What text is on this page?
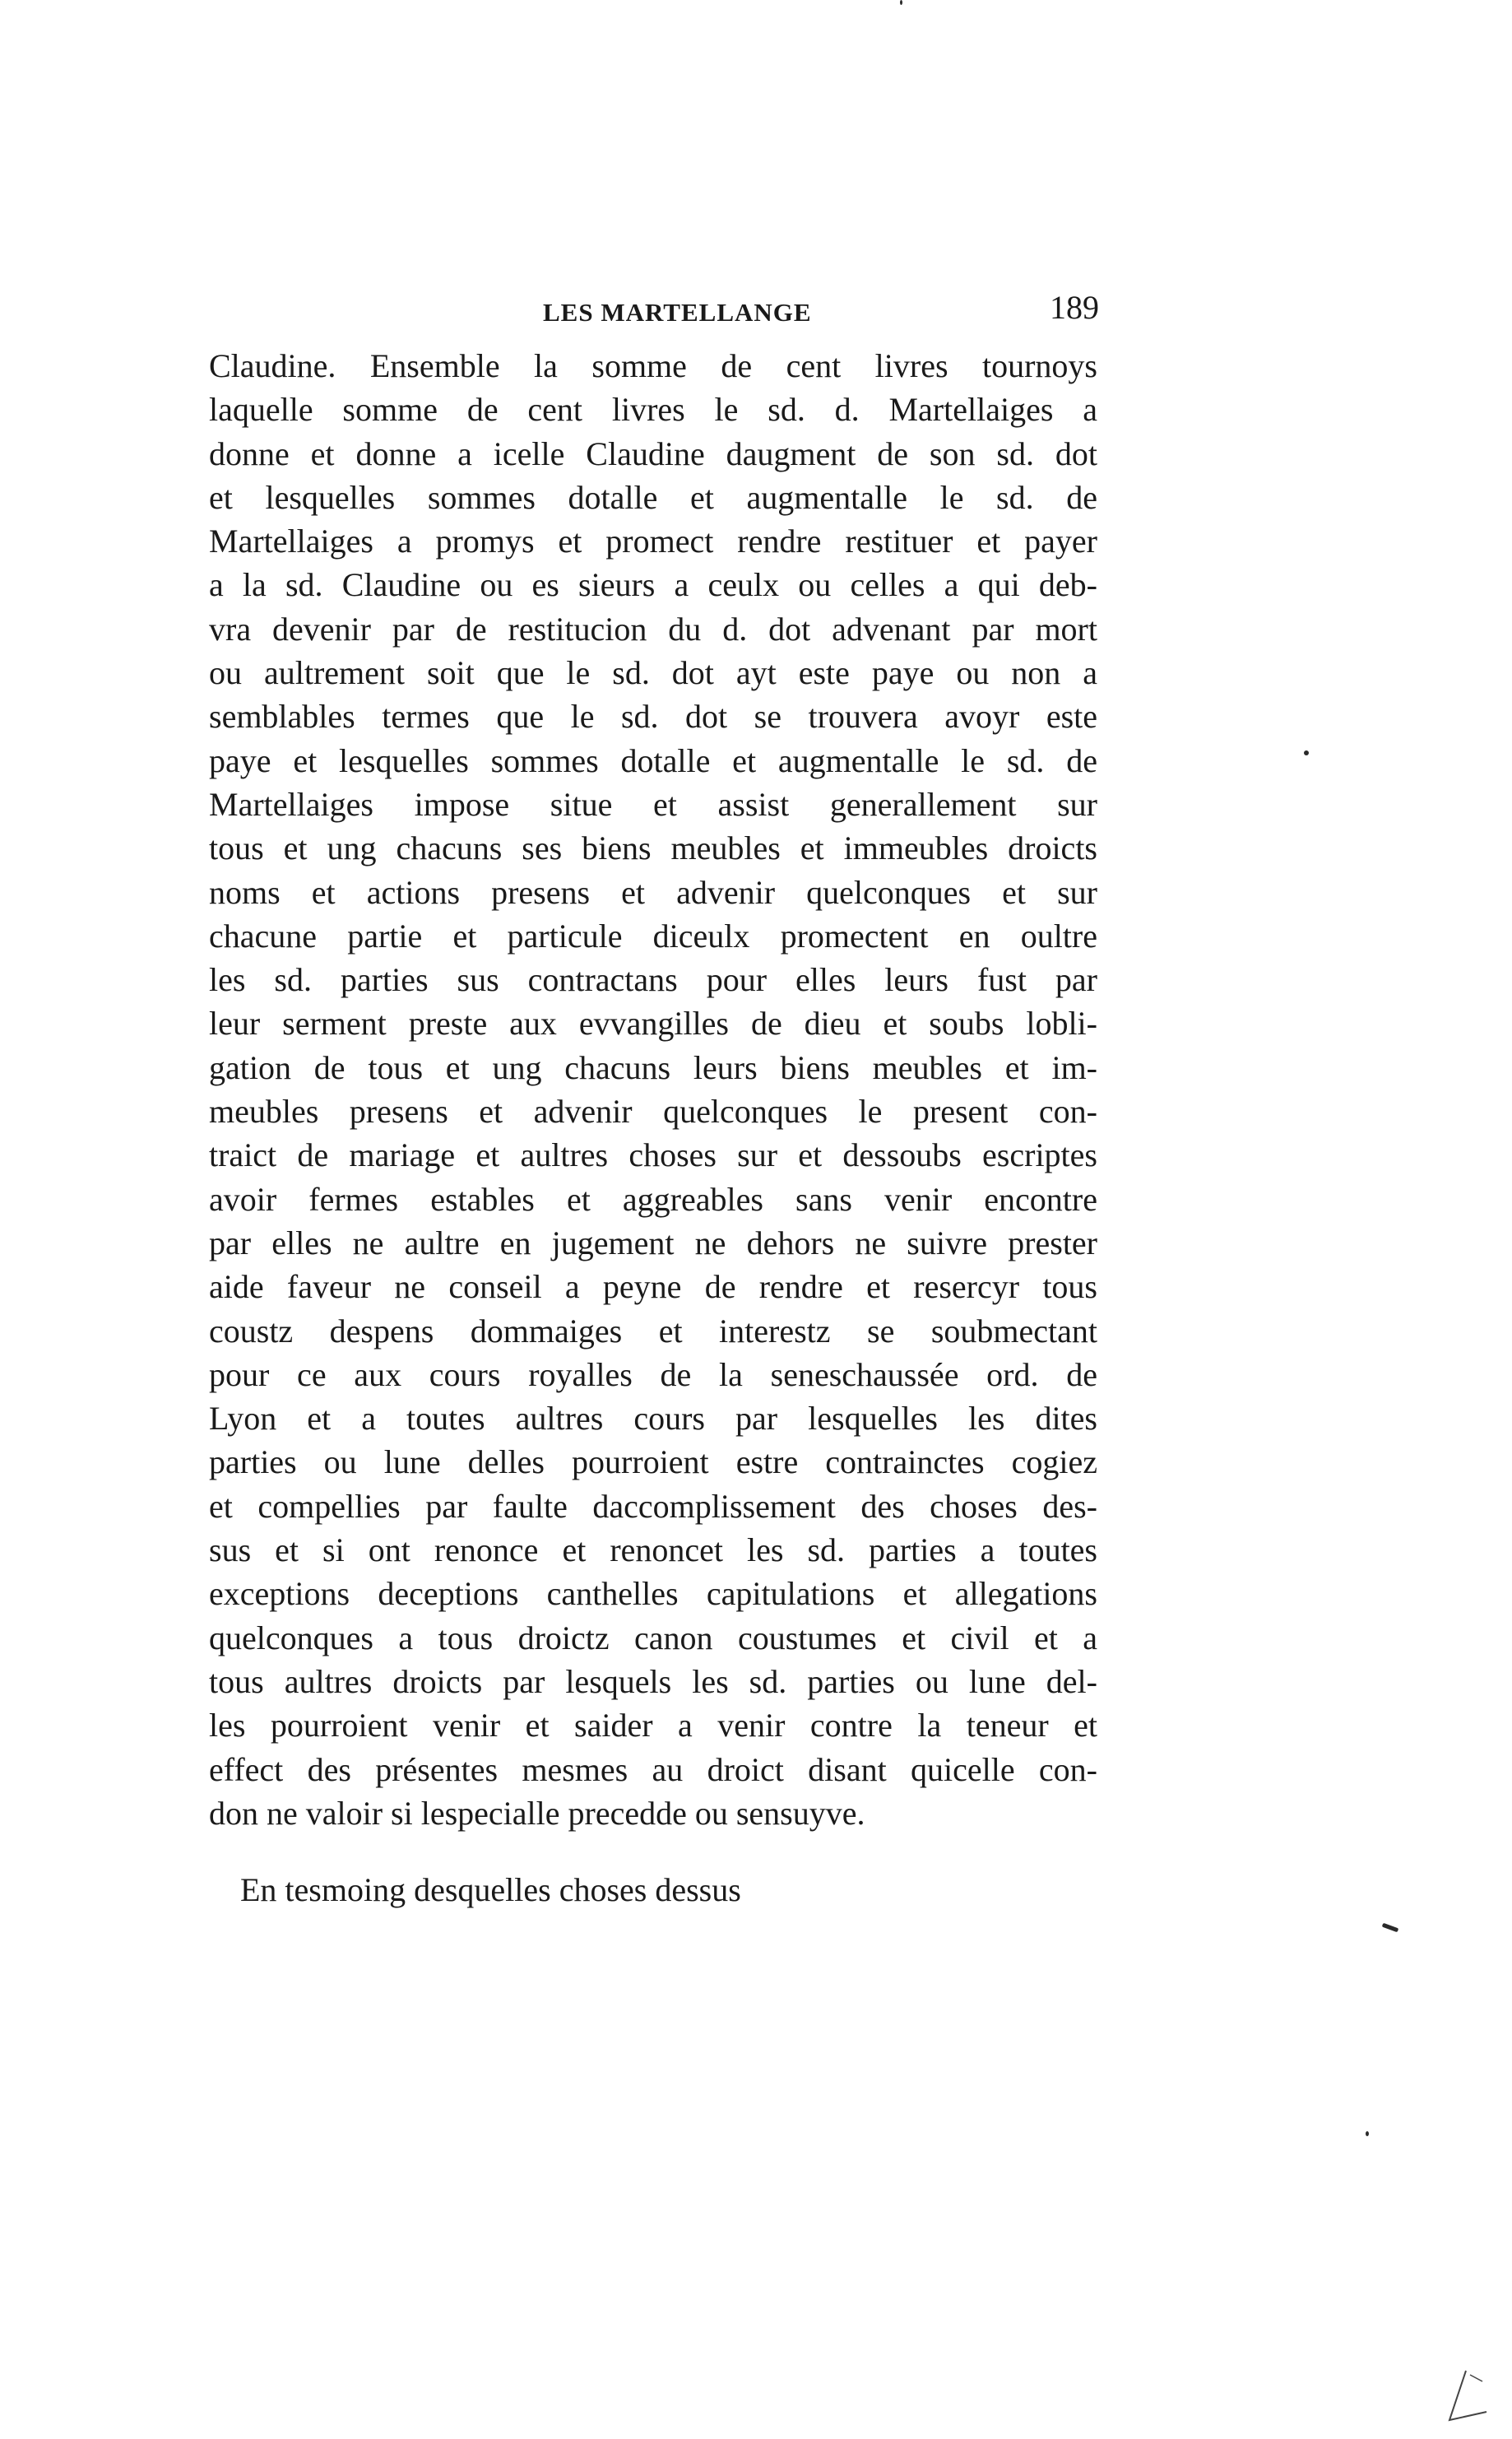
LES MARTELLANGE	189
Claudine. Ensemble la somme de cent livres tournoys
laquelle somme de cent livres le sd. d. Martellaiges a
donne et donne a icelle Claudine daugment de son sd. dot
et lesquelles sommes dotalle et augmentalle le sd. de
Martellaiges a promys et promect rendre restituer et payer
a la sd. Claudine ou es sieurs a ceulx ou celles a qui deb-
vra devenir par de restitucion du d. dot advenant par mort
ou aultrement soit que le sd. dot ayt este paye ou non a
semblables termes que le sd. dot se trouvera avoyr este
paye et lesquelles sommes dotalle et augmentalle le sd. de
Martellaiges impose situe et assist generallement sur
tous et ung chacuns ses biens meubles et immeubles droicts
noms et actions presens et advenir quelconques et sur
chacune partie et particule diceulx promectent en oultre
les sd. parties sus contractans pour elles leurs fust par
leur serment preste aux evvangilles de dieu et soubs lobli-
gation de tous et ung chacuns leurs biens meubles et im-
meubles presens et advenir quelconques le present con-
traict de mariage et aultres choses sur et dessoubs escriptes
avoir fermes estables et aggreables sans venir encontre
par elles ne aultre en jugement ne dehors ne suivre prester
aide faveur ne conseil a peyne de rendre et resercyr tous
coustz despens dommaiges et interestz se soubmectant
pour ce aux cours royalles de la seneschaussée ord. de
Lyon et a toutes aultres cours par lesquelles les dites
parties ou lune delles pourroient estre contrainctes cogiez
et compellies par faulte daccomplissement des choses des-
sus et si ont renonce et renoncet les sd. parties a toutes
exceptions deceptions canthelles capitulations et allegations
quelconques a tous droictz canon coustumes et civil et a
tous aultres droicts par lesquels les sd. parties ou lune del-
les pourroient venir et saider a venir contre la teneur et
effect des présentes mesmes au droict disant quicelle con-
don ne valoir si lespecialle precedde ou sensuyve.
En tesmoing desquelles choses dessus
